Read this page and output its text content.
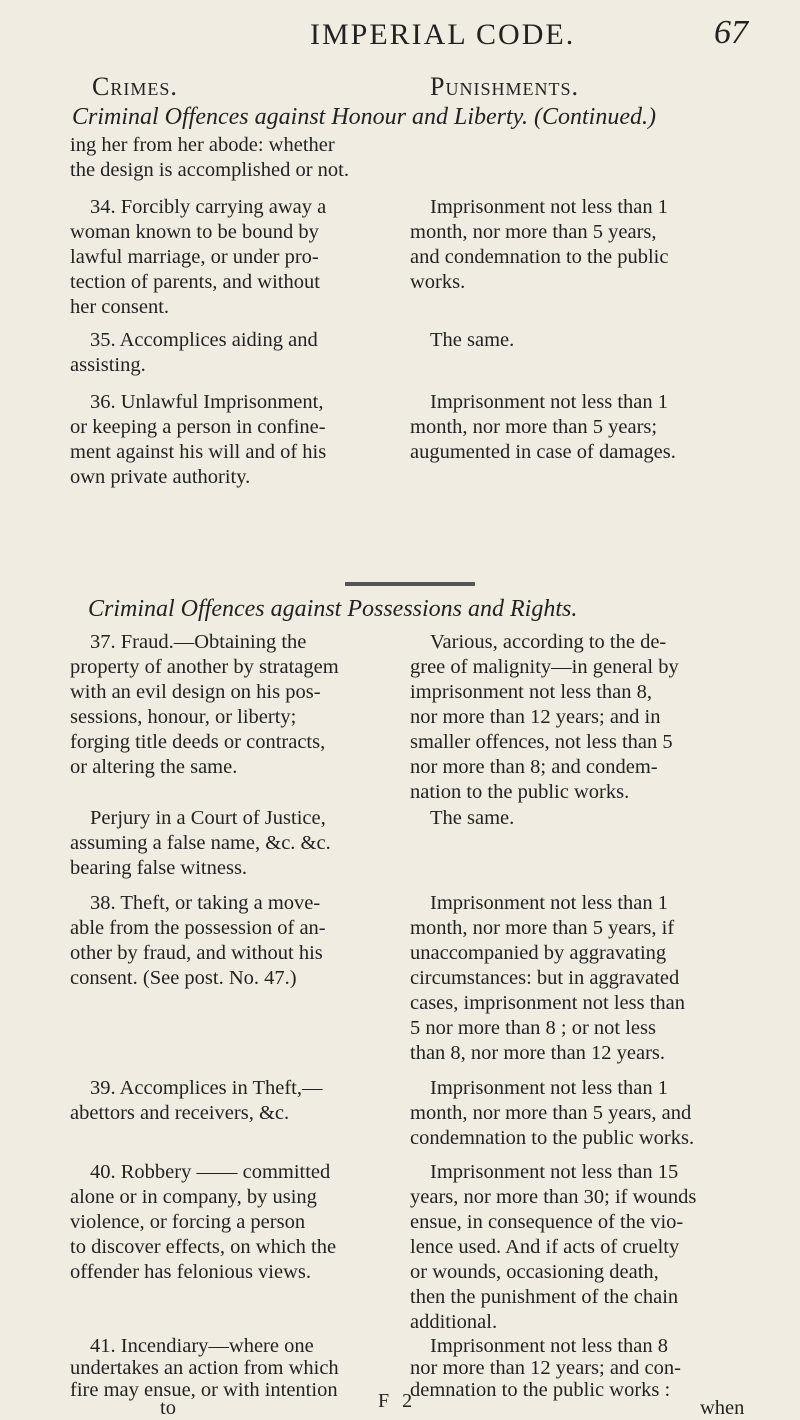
IMPERIAL CODE.	67
Crimes.	Punishments.
Criminal Offences against Honour and Liberty. (Continued.)
ing her from her abode: whether
the design is accomplished or not.
34. Forcibly carrying away a
woman known to be bound by
lawful marriage, or under pro-
tection of parents, and without
her consent.
Imprisonment not less than 1
month, nor more than 5 years,
and condemnation to the public
works.
35. Accomplices aiding and
assisting.
The same.
36. Unlawful Imprisonment,
or keeping a person in confine-
ment against his will and of his
own private authority.
Imprisonment not less than 1
month, nor more than 5 years;
augumented in case of damages.
Criminal Offences against Possessions and Rights.
37. Fraud.—Obtaining the
property of another by stratagem
with an evil design on his pos-
sessions, honour, or liberty;
forging title deeds or contracts,
or altering the same.
Various, according to the de-
gree of malignity—in general by
imprisonment not less than 8,
nor more than 12 years; and in
smaller offences, not less than 5
nor more than 8; and condem-
nation to the public works.
Perjury in a Court of Justice,
assuming a false name, &c. &c.
bearing false witness.
The same.
38. Theft, or taking a move-
able from the possession of an-
other by fraud, and without his
consent. (See post. No. 47.)
Imprisonment not less than 1
month, nor more than 5 years, if
unaccompanied by aggravating
circumstances: but in aggravated
cases, imprisonment not less than
5 nor more than 8 ; or not less
than 8, nor more than 12 years.
39. Accomplices in Theft,—
abettors and receivers, &c.
Imprisonment not less than 1
month, nor more than 5 years, and
condemnation to the public works.
40. Robbery —— committed
alone or in company, by using
violence, or forcing a person
to discover effects, on which the
offender has felonious views.
Imprisonment not less than 15
years, nor more than 30; if wounds
ensue, in consequence of the vio-
lence used. And if acts of cruelty
or wounds, occasioning death,
then the punishment of the chain
additional.
41. Incendiary—where one
undertakes an action from which
fire may ensue, or with intention
to
Imprisonment not less than 8
nor more than 12 years; and con-
demnation to the public works :
when
F 2
